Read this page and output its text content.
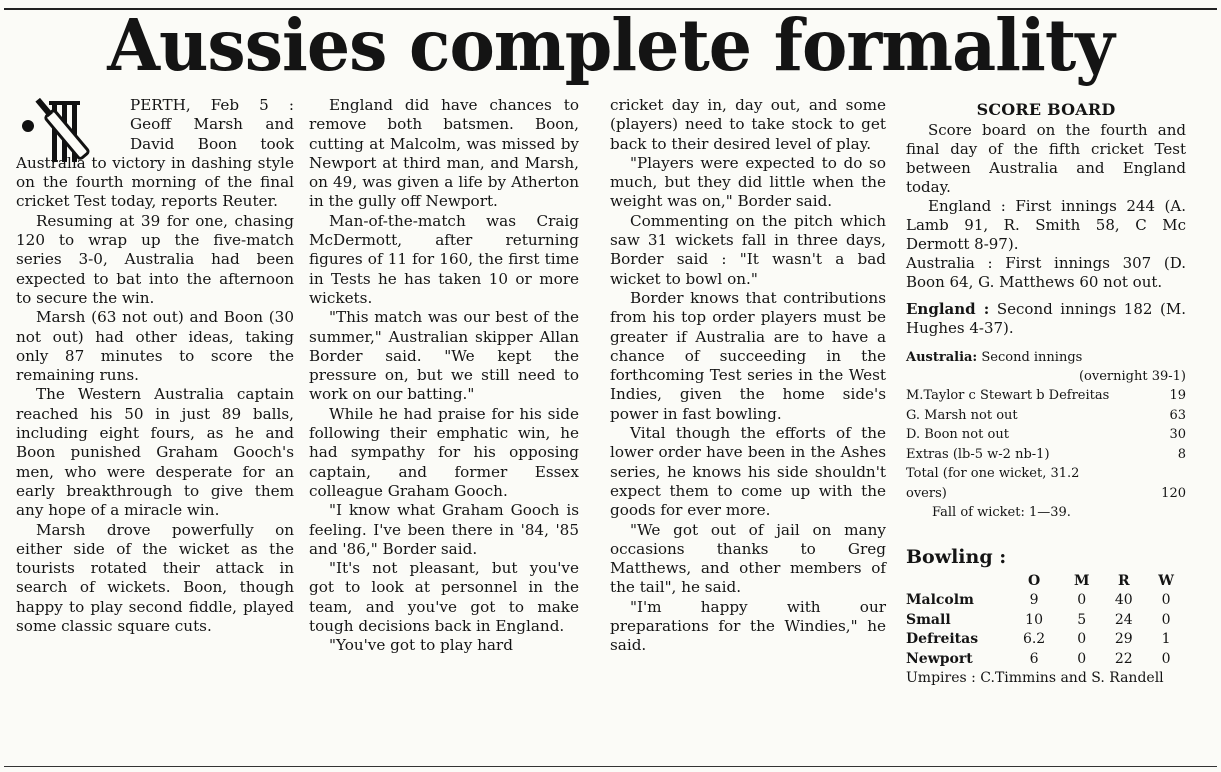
Aussies complete formality

PERTH, Feb 5 : Geoff Marsh and David Boon took Australia to victory in dashing style on the fourth morning of the final cricket Test today, reports Reuter.

Resuming at 39 for one, chasing 120 to wrap up the five-match series 3-0, Australia had been expected to bat into the afternoon to secure the win.

Marsh (63 not out) and Boon (30 not out) had other ideas, taking only 87 minutes to score the remaining runs.

The Western Australia captain reached his 50 in just 89 balls, including eight fours, as he and Boon punished Graham Gooch's men, who were desperate for an early breakthrough to give them any hope of a miracle win.

Marsh drove powerfully on either side of the wicket as the tourists rotated their attack in search of wickets. Boon, though happy to play second fiddle, played some classic square cuts.

England did have chances to remove both batsmen. Boon, cutting at Malcolm, was missed by Newport at third man, and Marsh, on 49, was given a life by Atherton in the gully off Newport.

Man-of-the-match was Craig McDermott, after returning figures of 11 for 160, the first time in Tests he has taken 10 or more wickets.

"This match was our best of the summer," Australian skipper Allan Border said. "We kept the pressure on, but we still need to work on our batting."

While he had praise for his side following their emphatic win, he had sympathy for his opposing captain, and former Essex colleague Graham Gooch.

"I know what Graham Gooch is feeling. I've been there in '84, '85 and '86," Border said.

"It's not pleasant, but you've got to look at personnel in the team, and you've got to make tough decisions back in England.

"You've got to play hard

cricket day in, day out, and some (players) need to take stock to get back to their desired level of play.

"Players were expected to do so much, but they did little when the weight was on," Border said.

Commenting on the pitch which saw 31 wickets fall in three days, Border said : "It wasn't a bad wicket to bowl on."

Border knows that contributions from his top order players must be greater if Australia are to have a chance of succeeding in the forthcoming Test series in the West Indies, given the home side's power in fast bowling.

Vital though the efforts of the lower order have been in the Ashes series, he knows his side shouldn't expect them to come up with the goods for ever more.

"We got out of jail on many occasions thanks to Greg Matthews, and other members of the tail", he said.

"I'm happy with our preparations for the Windies," he said.

SCORE BOARD

Score board on the fourth and final day of the fifth cricket Test between Australia and England today.

England : First innings 244 (A. Lamb 91, R. Smith 58, C Mc Dermott 8-97).

Australia : First innings 307 (D. Boon 64, G. Matthews 60 not out.

England : Second innings 182 (M. Hughes 4-37).

Australia: Second innings
(overnight 39-1)
M.Taylor c Stewart b Defreitas	19
G. Marsh not out	63
D. Boon not out	30
Extras (lb-5 w-2 nb-1)	8
Total (for one wicket, 31.2
overs)	120
Fall of wicket: 1—39.
Bowling :
	O	M	R	W
Malcolm	9	0	40	0
Small	10	5	24	0
Defreitas	6.2	0	29	1
Newport	6	0	22	0
Umpires : C.Timmins and S. Randell
